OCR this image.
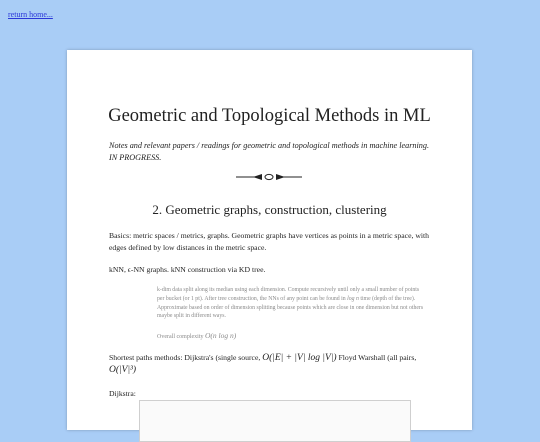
return home...
Geometric and Topological Methods in ML
Notes and relevant papers / readings for geometric and topological methods in machine learning. IN PROGRESS.
2. Geometric graphs, construction, clustering
Basics: metric spaces / metrics, graphs. Geometric graphs have vertices as points in a metric space, with edges defined by low distances in the metric space.
kNN, ϵ-NN graphs. kNN construction via KD tree.
k-dim data split along its median using each dimension. Compute recursively until only a small number of points per bucket (or 1 pt). After tree construction, the NNs of any point can be found in log n time (depth of the tree). Approximate based on order of dimension splitting because points which are close in one dimension but not others maybe split in different ways.
Overall complexity O(n log n)
Shortest paths methods: Dijkstra's (single source, O(|E| + |V| log |V|) Floyd Warshall (all pairs, O(|V|³)
Dijkstra:
